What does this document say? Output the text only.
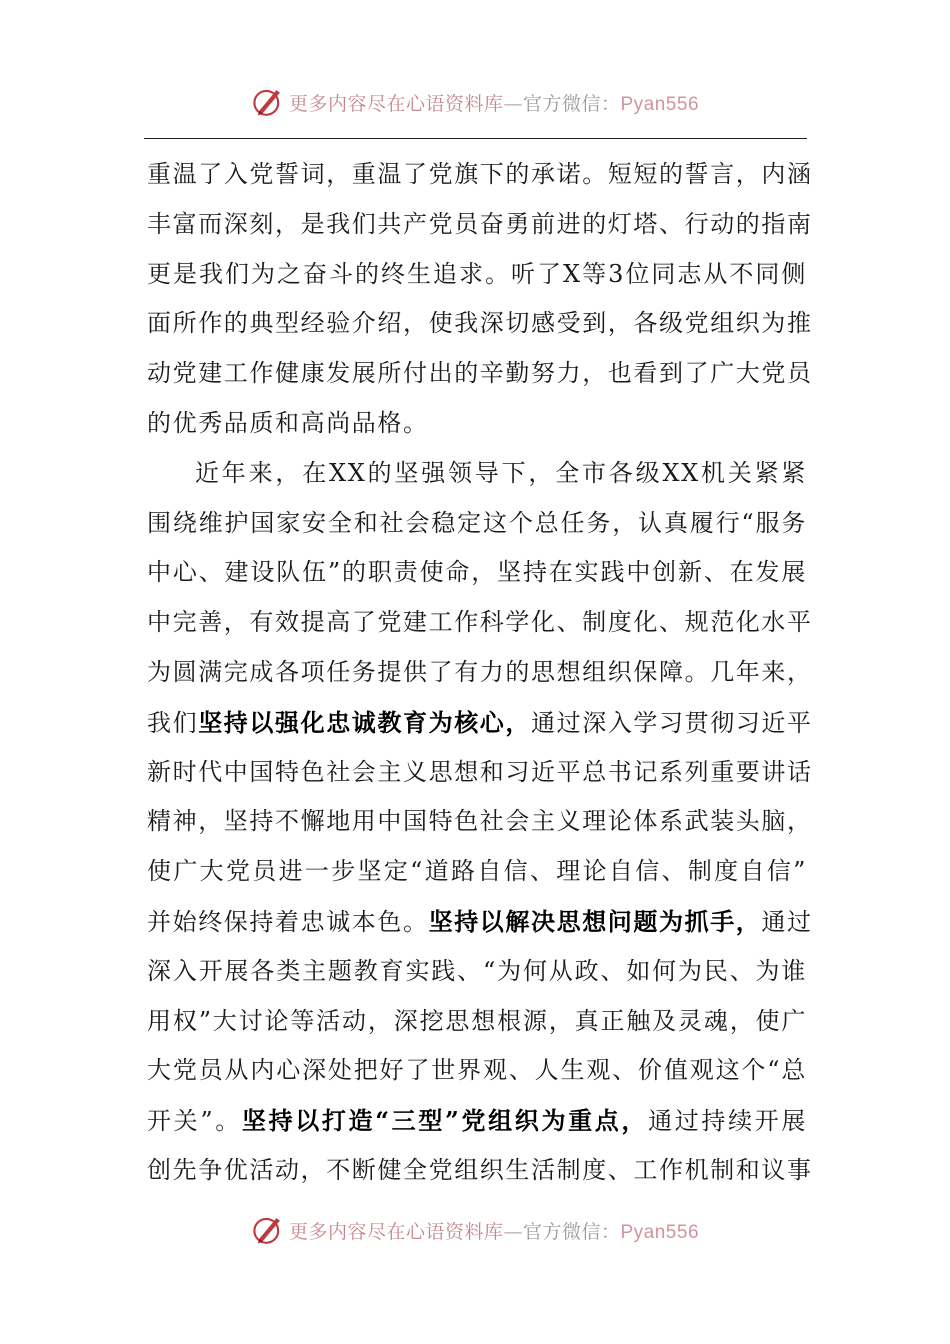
更多内容尽在心语资料库—官方微信：Pyan556
重温了入党誓词，重温了党旗下的承诺。短短的誓言，内涵
丰富而深刻，是我们共产党员奋勇前进的灯塔、行动的指南
更是我们为之奋斗的终生追求。听了X等3位同志从不同侧
面所作的典型经验介绍，使我深切感受到，各级党组织为推
动党建工作健康发展所付出的辛勤努力，也看到了广大党员
的优秀品质和高尚品格。
近年来，在XX的坚强领导下，全市各级XX机关紧紧
围绕维护国家安全和社会稳定这个总任务，认真履行“服务
中心、建设队伍”的职责使命，坚持在实践中创新、在发展
中完善，有效提高了党建工作科学化、制度化、规范化水平
为圆满完成各项任务提供了有力的思想组织保障。几年来，
我们坚持以强化忠诚教育为核心，通过深入学习贯彻习近平
新时代中国特色社会主义思想和习近平总书记系列重要讲话
精神，坚持不懈地用中国特色社会主义理论体系武装头脑，
使广大党员进一步坚定“道路自信、理论自信、制度自信”
并始终保持着忠诚本色。坚持以解决思想问题为抓手，通过
深入开展各类主题教育实践、“为何从政、如何为民、为谁
用权”大讨论等活动，深挖思想根源，真正触及灵魂，使广
大党员从内心深处把好了世界观、人生观、价值观这个“总
开关”。坚持以打造“三型”党组织为重点，通过持续开展
创先争优活动，不断健全党组织生活制度、工作机制和议事
更多内容尽在心语资料库—官方微信：Pyan556
